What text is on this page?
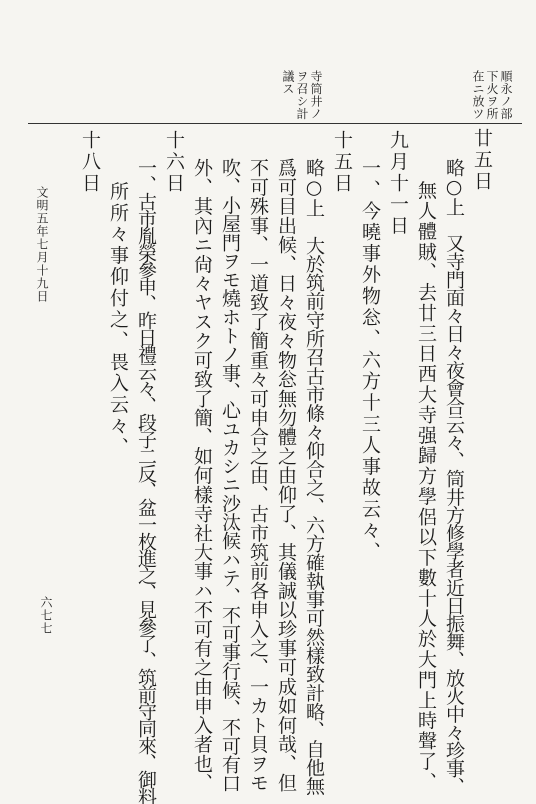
順永ノ部
下火ヲ所
在ニ放ツ
寺筒井ノ
ヲ召シ計
議ス
廿五日
略○上　又寺門面々日々夜會合云々、筒井方修學者近日振舞、放火中々珍事、
　無人體賊、去廿三日西大寺强歸方學侶以下數十人於大門上時聲了、
九月十一日
一、今曉事外物忩、六方十三人事故云々、
十五日
略○上　大於筑前守所召古市條々仰合之、六方確執事可然樣致計略、自他無
爲可目出候、日々夜々物忩無勿體之由仰了、其儀誠以珍事可成如何哉、但
不可殊事、一道致了簡重々可申合之由、古市筑前各申入之、一カト貝ヲモ
吹、小屋門ヲモ燒ホトノ事、心ユカシニ沙汰候ハテ、不可事行候、不可有口
外、其內ニ尙々ヤスク可致了簡、如何樣寺社大事ハ不可有之由申入者也、
十六日
一、古市胤榮參申、昨日禮云々、段子二反、盆一枚進之、見參了、筑前守同來、御料
　所所々事仰付之、畏入云々、
十八日
文明五年七月十九日
六七七
